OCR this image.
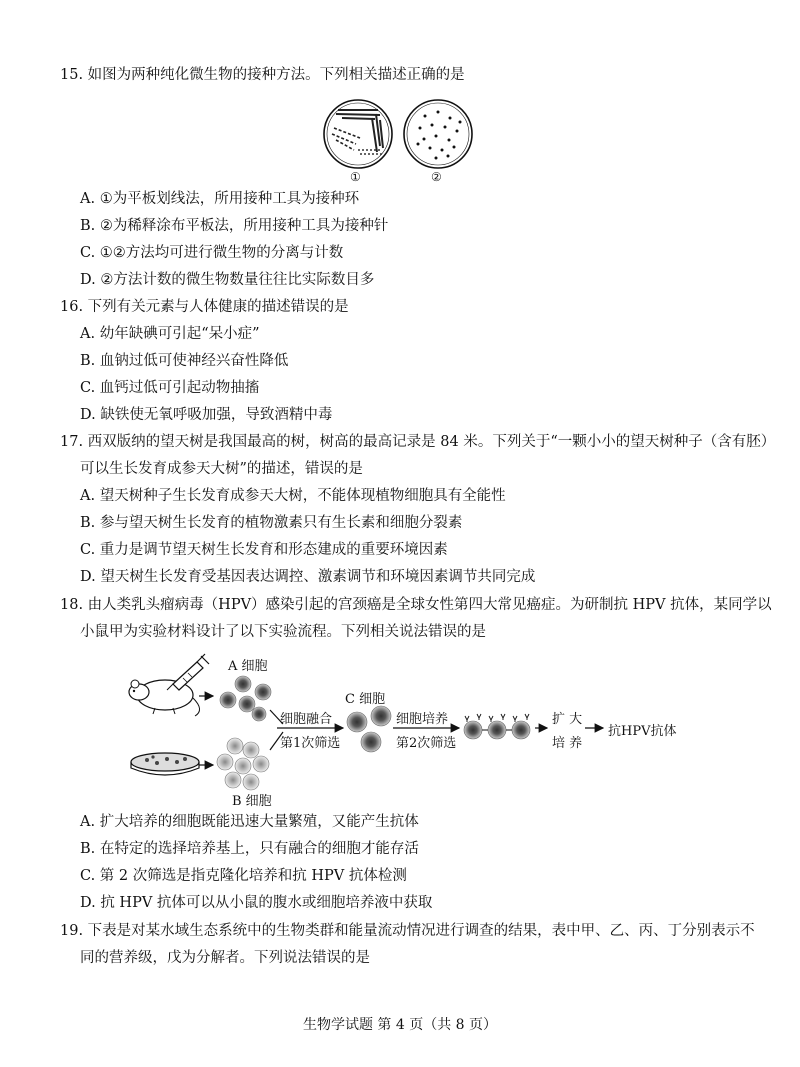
15. 如图为两种纯化微生物的接种方法。下列相关描述正确的是
①	②
A. ①为平板划线法，所用接种工具为接种环
B. ②为稀释涂布平板法，所用接种工具为接种针
C. ①②方法均可进行微生物的分离与计数
D. ②方法计数的微生物数量往往比实际数目多
16. 下列有关元素与人体健康的描述错误的是
A. 幼年缺碘可引起“呆小症”
B. 血钠过低可使神经兴奋性降低
C. 血钙过低可引起动物抽搐
D. 缺铁使无氧呼吸加强，导致酒精中毒
17. 西双版纳的望天树是我国最高的树，树高的最高记录是 84 米。下列关于“一颗小小的望天树种子（含有胚）
可以生长发育成参天大树”的描述，错误的是
A. 望天树种子生长发育成参天大树，不能体现植物细胞具有全能性
B. 参与望天树生长发育的植物激素只有生长素和细胞分裂素
C. 重力是调节望天树生长发育和形态建成的重要环境因素
D. 望天树生长发育受基因表达调控、激素调节和环境因素调节共同完成
18. 由人类乳头瘤病毒（HPV）感染引起的宫颈癌是全球女性第四大常见癌症。为研制抗 HPV 抗体，某同学以
小鼠甲为实验材料设计了以下实验流程。下列相关说法错误的是
A 细胞
B 细胞
C 细胞
细胞融合
第1次筛选
细胞培养
第2次筛选
扩 大
培 养
抗HPV抗体
A. 扩大培养的细胞既能迅速大量繁殖，又能产生抗体
B. 在特定的选择培养基上，只有融合的细胞才能存活
C. 第 2 次筛选是指克隆化培养和抗 HPV 抗体检测
D. 抗 HPV 抗体可以从小鼠的腹水或细胞培养液中获取
19. 下表是对某水域生态系统中的生物类群和能量流动情况进行调查的结果，表中甲、乙、丙、丁分别表示不
同的营养级，戊为分解者。下列说法错误的是
生物学试题 第 4 页（共 8 页）
